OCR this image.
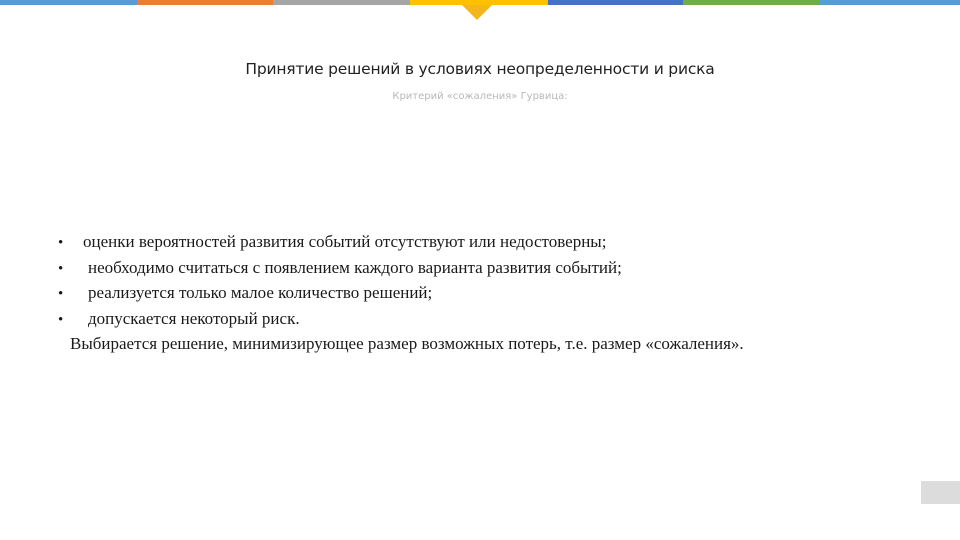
Принятие решений в условиях неопределенности и риска
Критерий «сожаления» Гурвица:
•	оценки вероятностей развития событий отсутствуют или недостоверны;
•	необходимо считаться с появлением каждого варианта развития событий;
•	реализуется только малое количество решений;
•	допускается некоторый риск.
Выбирается решение, минимизирующее размер возможных потерь, т.е. размер «сожаления».
